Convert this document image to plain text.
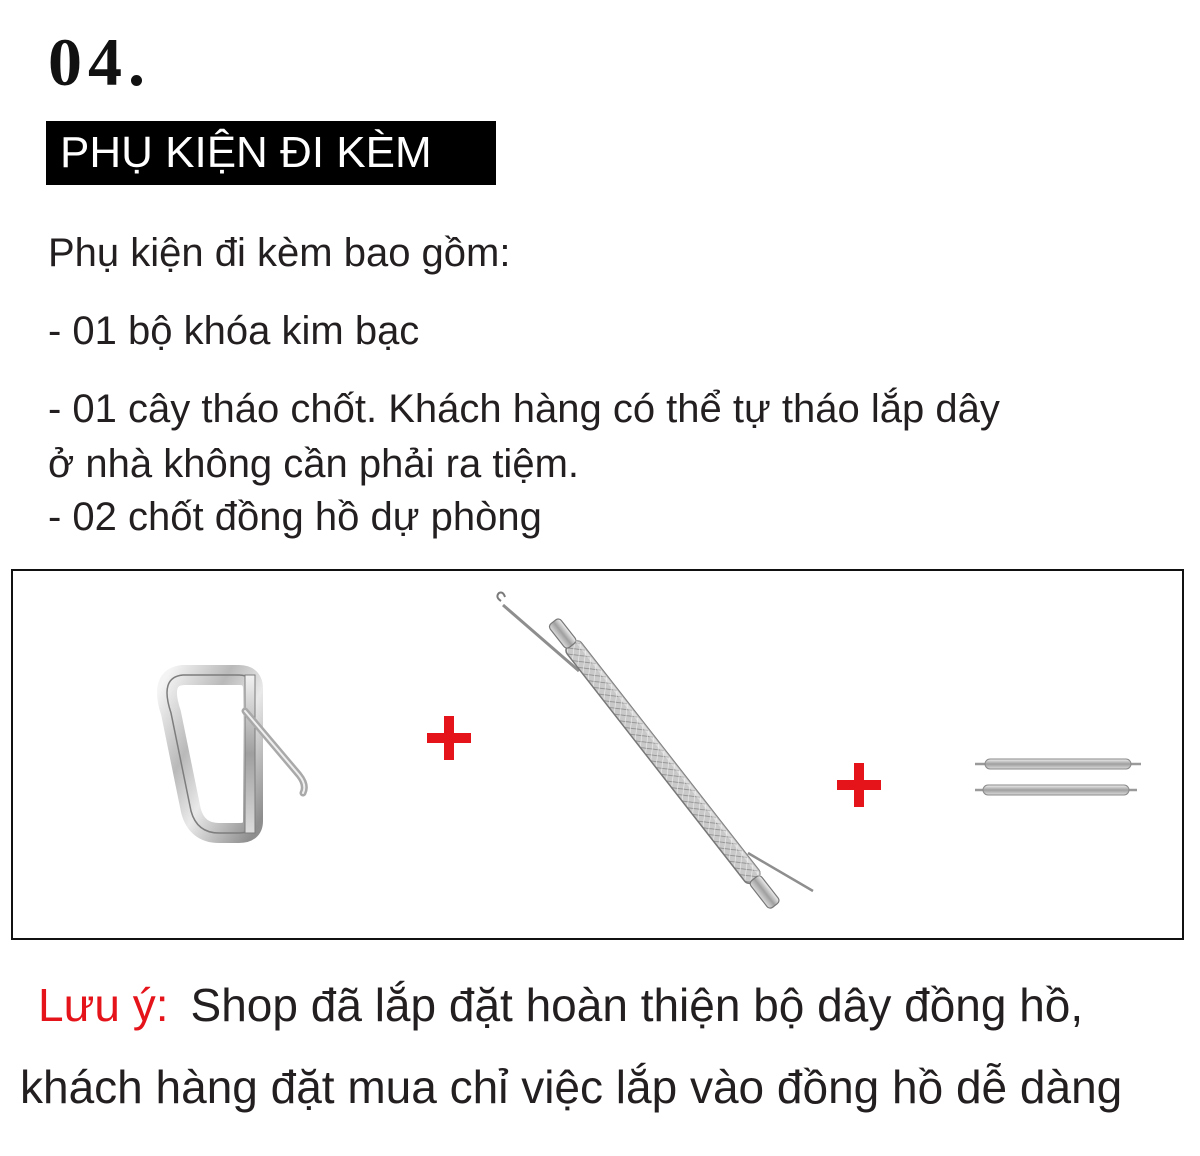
04.
PHỤ KIỆN ĐI KÈM
Phụ kiện đi kèm bao gồm:
- 01 bộ khóa kim bạc
- 01 cây tháo chốt. Khách hàng có thể tự tháo lắp dây
ở nhà không cần phải ra tiệm.
- 02 chốt đồng hồ dự phòng
Lưu ý: Shop đã lắp đặt hoàn thiện bộ dây đồng hồ,
khách hàng đặt mua chỉ việc lắp vào đồng hồ dễ dàng
